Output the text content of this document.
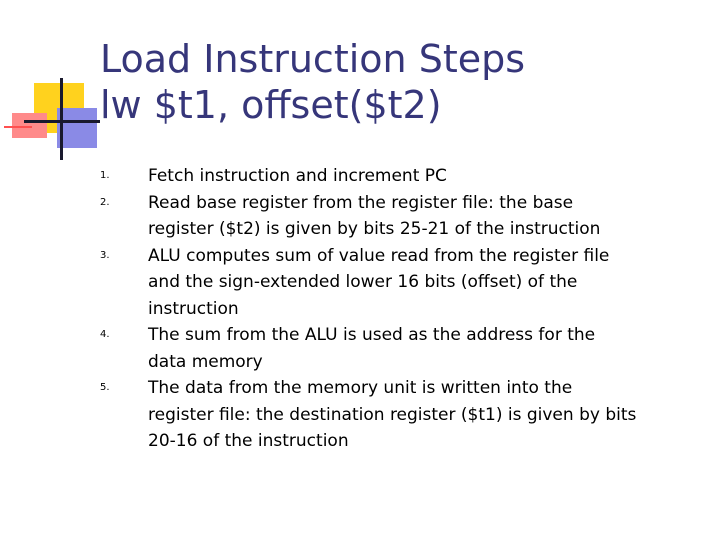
Load Instruction Steps
lw $t1, offset($t2)
1. Fetch instruction and increment PC
2. Read base register from the register file: the base
register ($t2) is given by bits 25-21 of the instruction
3. ALU computes sum of value read from the register file
and the sign-extended lower 16 bits (offset) of the
instruction
4. The sum from the ALU is used as the address for the
data memory
5. The data from the memory unit is written into the
register file: the destination register ($t1) is given by bits
20-16 of the instruction
